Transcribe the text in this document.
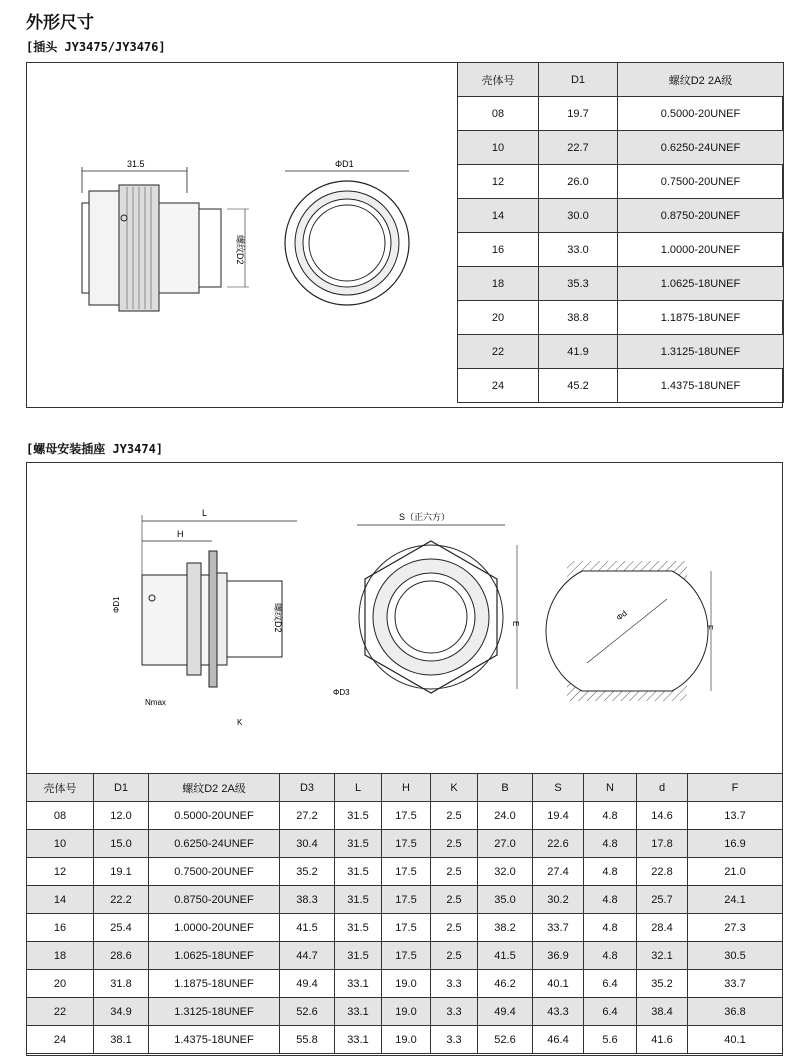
外形尺寸
[插头 JY3475/JY3476]
31.5
螺纹D2
ΦD1
壳体号	D1	螺纹D2 2A级
08	19.7	0.5000-20UNEF
10	22.7	0.6250-24UNEF
12	26.0	0.7500-20UNEF
14	30.0	0.8750-20UNEF
16	33.0	1.0000-20UNEF
18	35.3	1.0625-18UNEF
20	38.8	1.1875-18UNEF
22	41.9	1.3125-18UNEF
24	45.2	1.4375-18UNEF
[螺母安装插座 JY3474]
L
H
ΦD1	螺纹D2
Nmax
K
S（正六方）
E
ΦD3
Φd
F
壳体号	D1	螺纹D2 2A级	D3	L	H	K	B	S	N	d	F
08	12.0	0.5000-20UNEF	27.2	31.5	17.5	2.5	24.0	19.4	4.8	14.6	13.7
10	15.0	0.6250-24UNEF	30.4	31.5	17.5	2.5	27.0	22.6	4.8	17.8	16.9
12	19.1	0.7500-20UNEF	35.2	31.5	17.5	2.5	32.0	27.4	4.8	22.8	21.0
14	22.2	0.8750-20UNEF	38.3	31.5	17.5	2.5	35.0	30.2	4.8	25.7	24.1
16	25.4	1.0000-20UNEF	41.5	31.5	17.5	2.5	38.2	33.7	4.8	28.4	27.3
18	28.6	1.0625-18UNEF	44.7	31.5	17.5	2.5	41.5	36.9	4.8	32.1	30.5
20	31.8	1.1875-18UNEF	49.4	33.1	19.0	3.3	46.2	40.1	6.4	35.2	33.7
22	34.9	1.3125-18UNEF	52.6	33.1	19.0	3.3	49.4	43.3	6.4	38.4	36.8
24	38.1	1.4375-18UNEF	55.8	33.1	19.0	3.3	52.6	46.4	5.6	41.6	40.1
